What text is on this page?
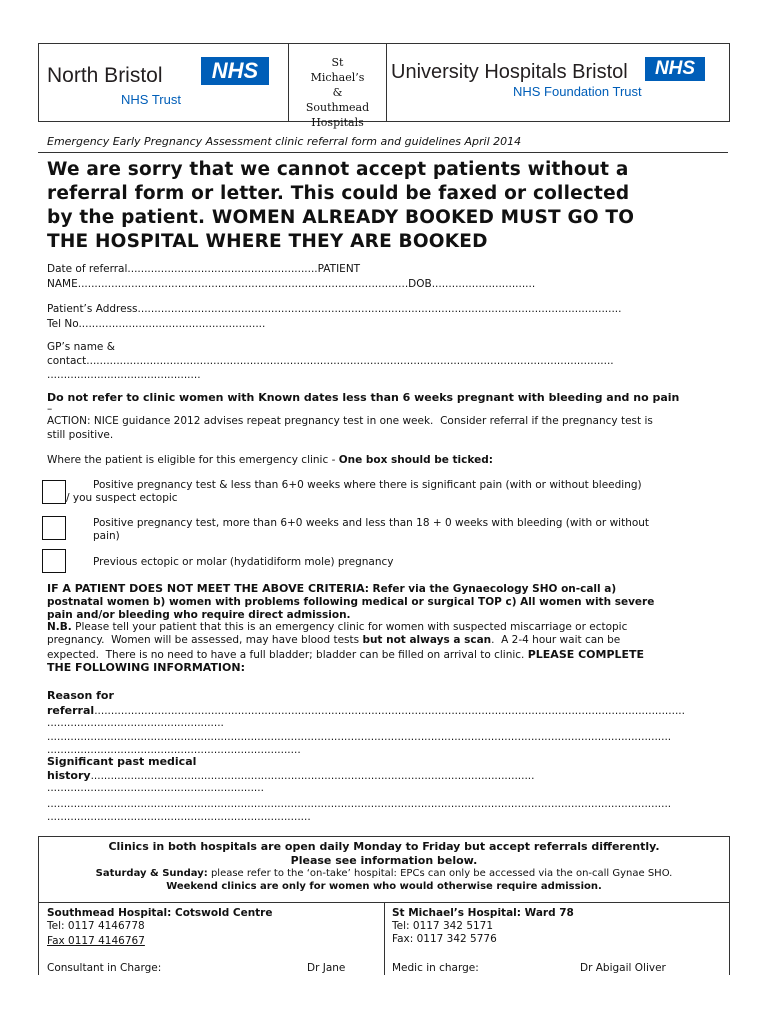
North Bristol	NHS
NHS Trust
St
Michael’s
&
Southmead
Hospitals
University Hospitals Bristol	NHS
NHS Foundation Trust
Emergency Early Pregnancy Assessment clinic referral form and guidelines April 2014
We are sorry that we cannot accept patients without a
referral form or letter. This could be faxed or collected
by the patient. WOMEN ALREADY BOOKED MUST GO TO
THE HOSPITAL WHERE THEY ARE BOOKED
Date of referral.........................................................PATIENT
NAME...................................................................................................DOB...............................
Patient’s Address.................................................................................................................................................
Tel No........................................................
GP’s name &
contact..............................................................................................................................................................
..............................................
Do not refer to clinic women with Known dates less than 6 weeks pregnant with bleeding and no pain
–
ACTION: NICE guidance 2012 advises repeat pregnancy test in one week.  Consider referral if the pregnancy test is
still positive.
Where the patient is eligible for this emergency clinic - One box should be ticked:
Positive pregnancy test & less than 6+0 weeks where there is significant pain (with or without bleeding)
/ you suspect ectopic
Positive pregnancy test, more than 6+0 weeks and less than 18 + 0 weeks with bleeding (with or without
pain)
Previous ectopic or molar (hydatidiform mole) pregnancy
IF A PATIENT DOES NOT MEET THE ABOVE CRITERIA: Refer via the Gynaecology SHO on-call a)
postnatal women b) women with problems following medical or surgical TOP c) All women with severe
pain and/or bleeding who require direct admission.
N.B. Please tell your patient that this is an emergency clinic for women with suspected miscarriage or ectopic
pregnancy.  Women will be assessed, may have blood tests but not always a scan.  A 2-4 hour wait can be
expected.  There is no need to have a full bladder; bladder can be filled on arrival to clinic. PLEASE COMPLETE
THE FOLLOWING INFORMATION:
Reason for
referral.................................................................................................................................................................................
.....................................................
...........................................................................................................................................................................................
............................................................................
Significant past medical
history.....................................................................................................................................
.................................................................
...........................................................................................................................................................................................
...............................................................................
Clinics in both hospitals are open daily Monday to Friday but accept referrals differently.
Please see information below.
Saturday & Sunday: please refer to the ‘on-take’ hospital: EPCs can only be accessed via the on-call Gynae SHO.
Weekend clinics are only for women who would otherwise require admission.
Southmead Hospital: Cotswold Centre
Tel: 0117 4146778
Fax 0117 4146767
Consultant in Charge:	Dr Jane
St Michael’s Hospital: Ward 78
Tel: 0117 342 5171
Fax: 0117 342 5776
Medic in charge:	Dr Abigail Oliver
